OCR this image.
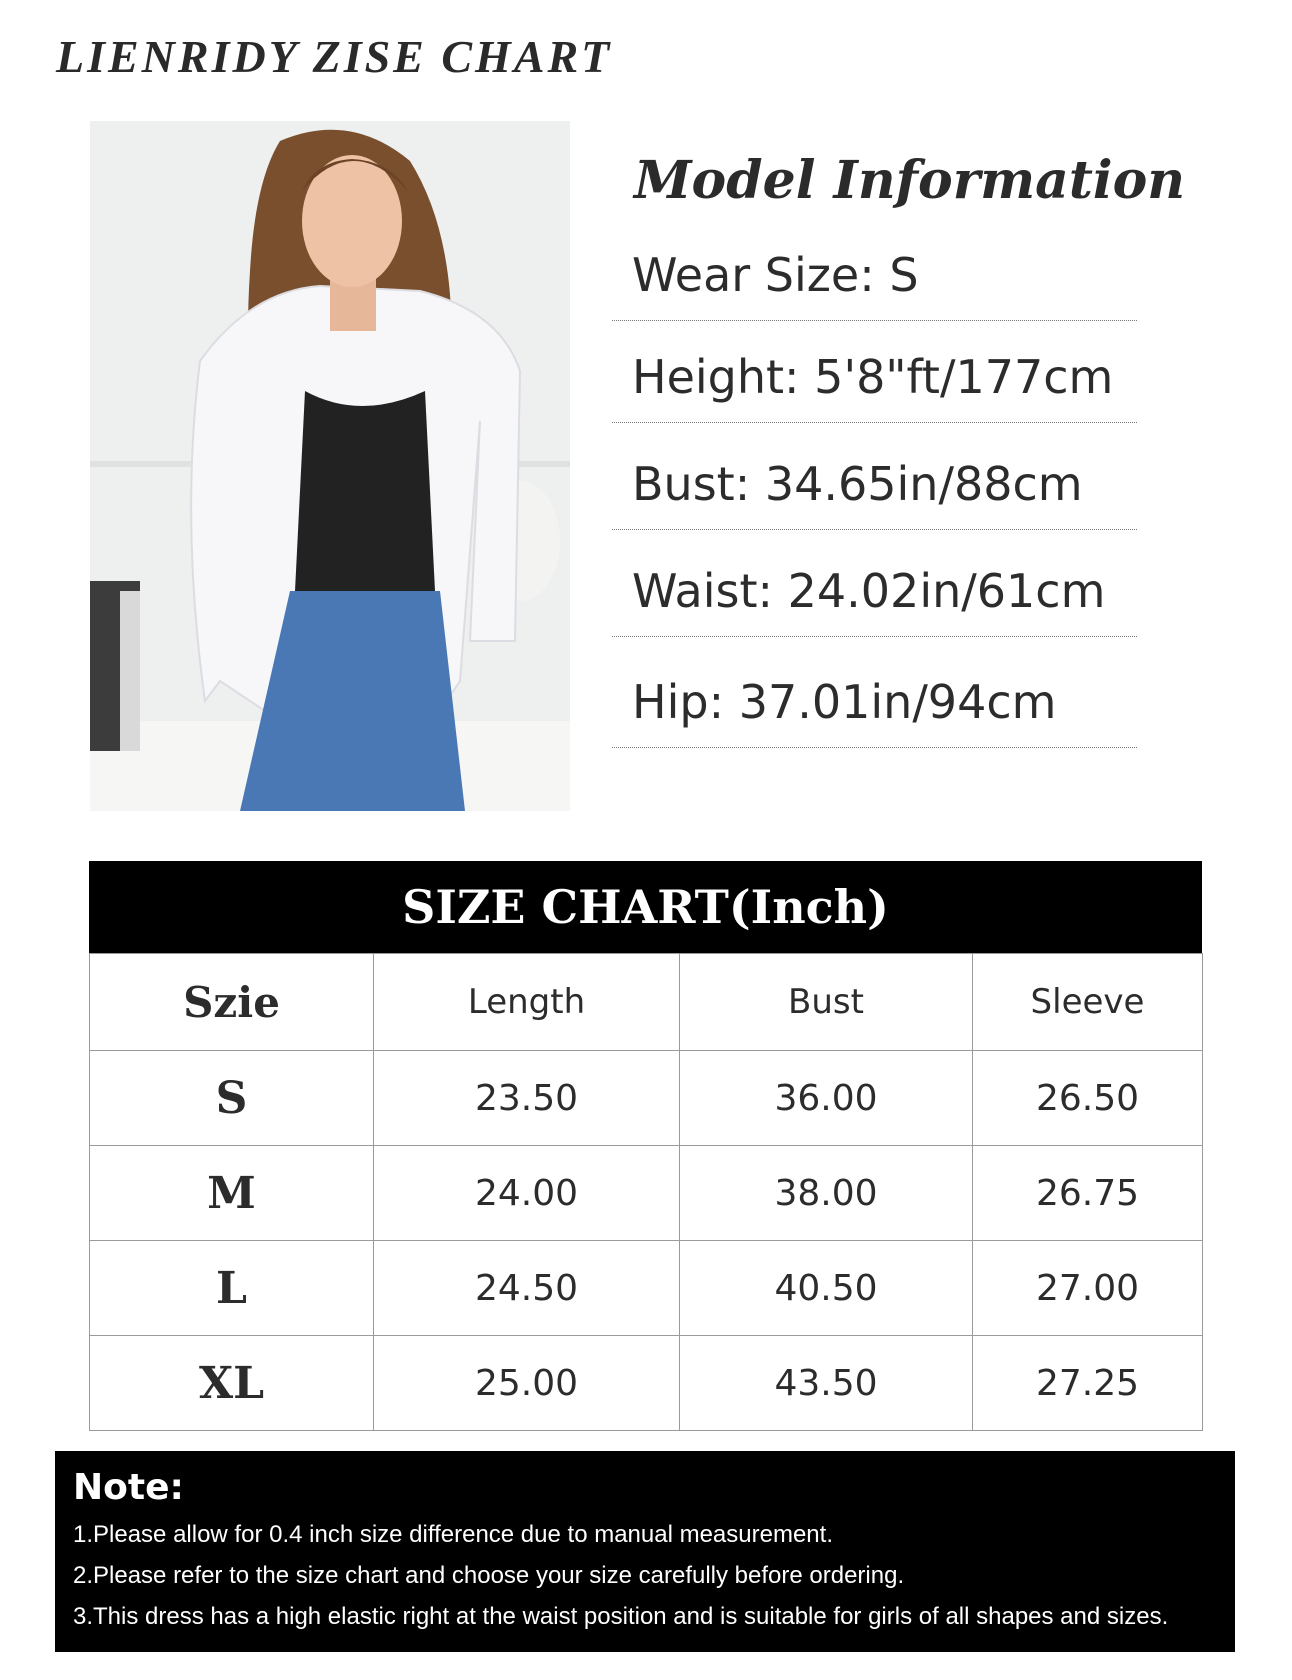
LIENRIDY ZISE CHART
Model Information
Wear Size: S
Height: 5'8"ft/177cm
Bust: 34.65in/88cm
Waist: 24.02in/61cm
Hip: 37.01in/94cm
SIZE CHART(Inch)
Szie	Length	Bust	Sleeve
S	23.50	36.00	26.50
M	24.00	38.00	26.75
L	24.50	40.50	27.00
XL	25.00	43.50	27.25
Note:
1.Please allow for 0.4 inch size difference due to manual measurement.
2.Please refer to the size chart and choose your size carefully before ordering.
3.This dress has a high elastic right at the waist position and is suitable for girls of all shapes and sizes.
